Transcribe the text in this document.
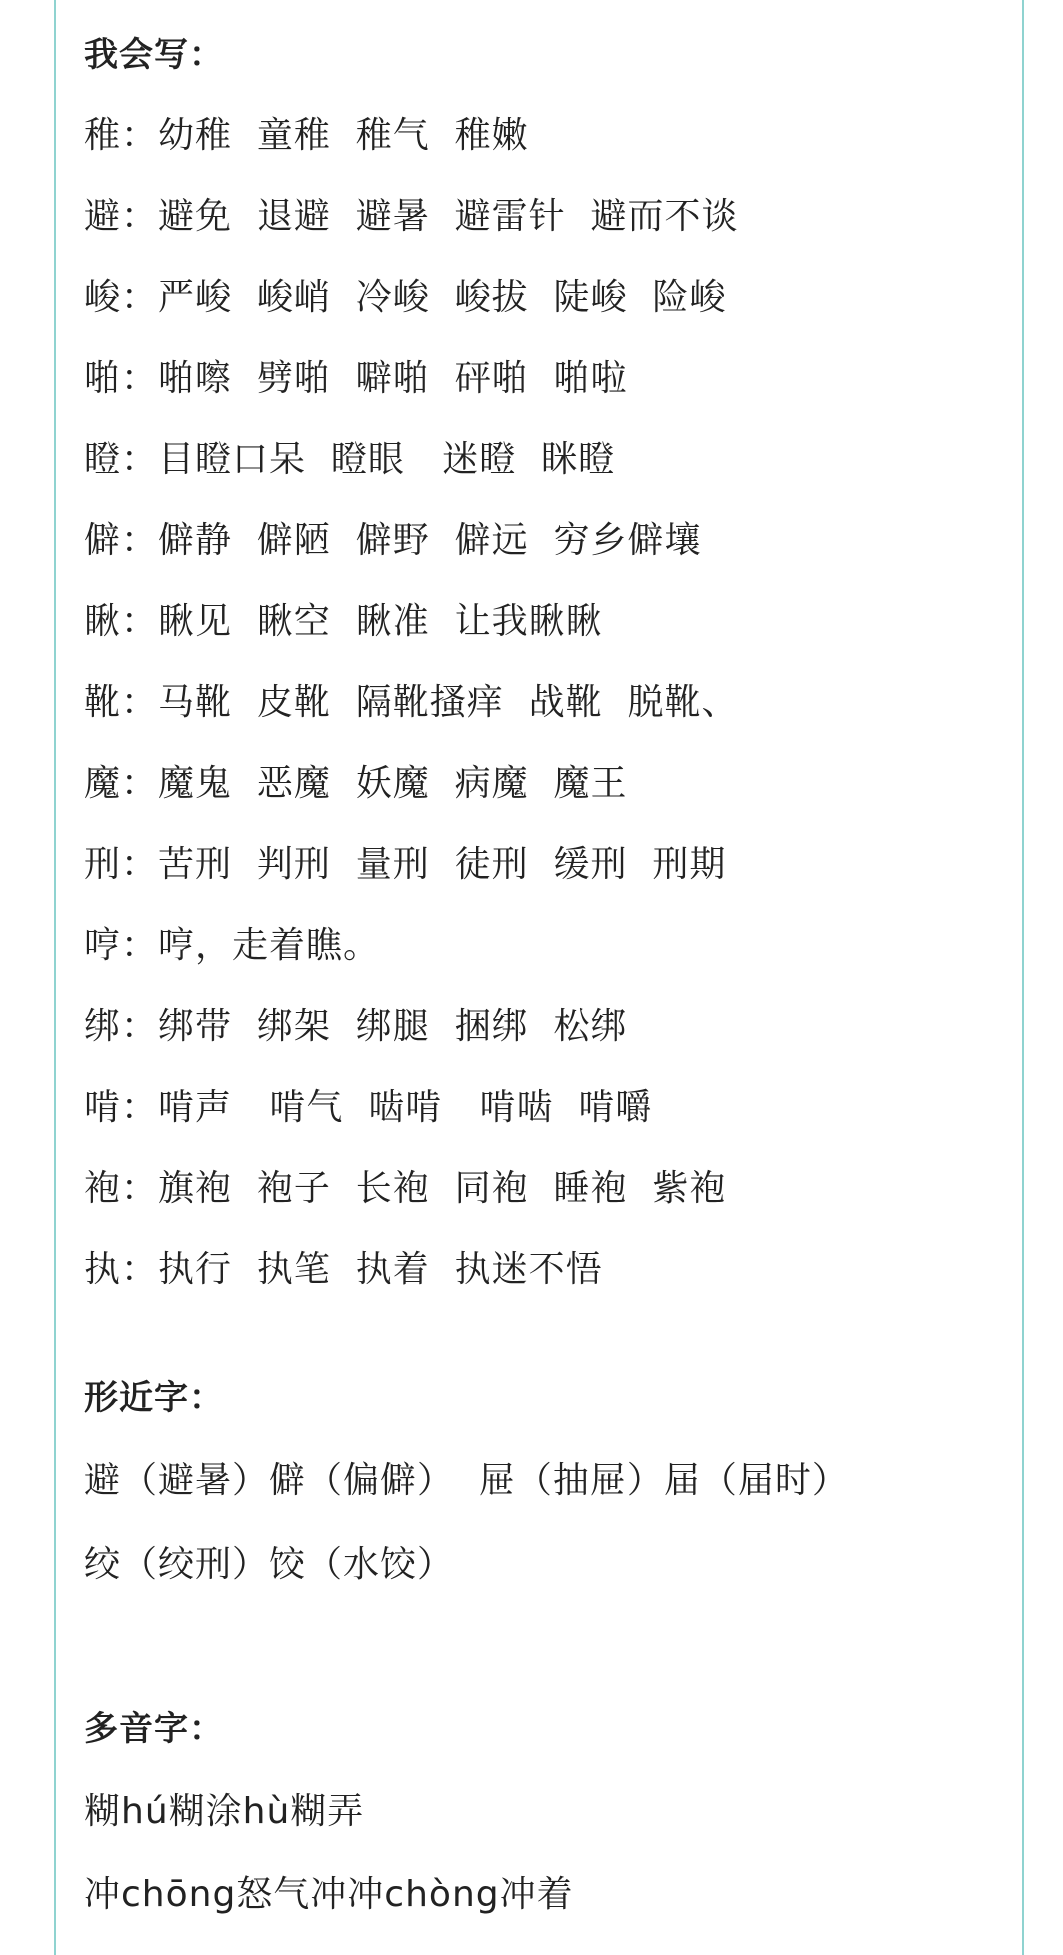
我会写：
稚：幼稚  童稚  稚气  稚嫩
避：避免  退避  避暑  避雷针  避而不谈
峻：严峻  峻峭  冷峻  峻拔  陡峻  险峻
啪：啪嚓  劈啪  噼啪  砰啪  啪啦
瞪：目瞪口呆  瞪眼   迷瞪  眯瞪
僻：僻静  僻陋  僻野  僻远  穷乡僻壤
瞅：瞅见  瞅空  瞅准  让我瞅瞅
靴：马靴  皮靴  隔靴搔痒  战靴  脱靴、
魔：魔鬼  恶魔  妖魔  病魔  魔王
刑：苦刑  判刑  量刑  徒刑  缓刑  刑期
哼：哼，走着瞧。
绑：绑带  绑架  绑腿  捆绑  松绑
啃：啃声   啃气  啮啃   啃啮  啃嚼
袍：旗袍  袍子  长袍  同袍  睡袍  紫袍
执：执行  执笔  执着  执迷不悟
形近字：
避（避暑）僻（偏僻）  屉（抽屉）届（届时）
绞（绞刑）饺（水饺）
多音字：
糊hú糊涂hù糊弄
冲chōng怒气冲冲chòng冲着
